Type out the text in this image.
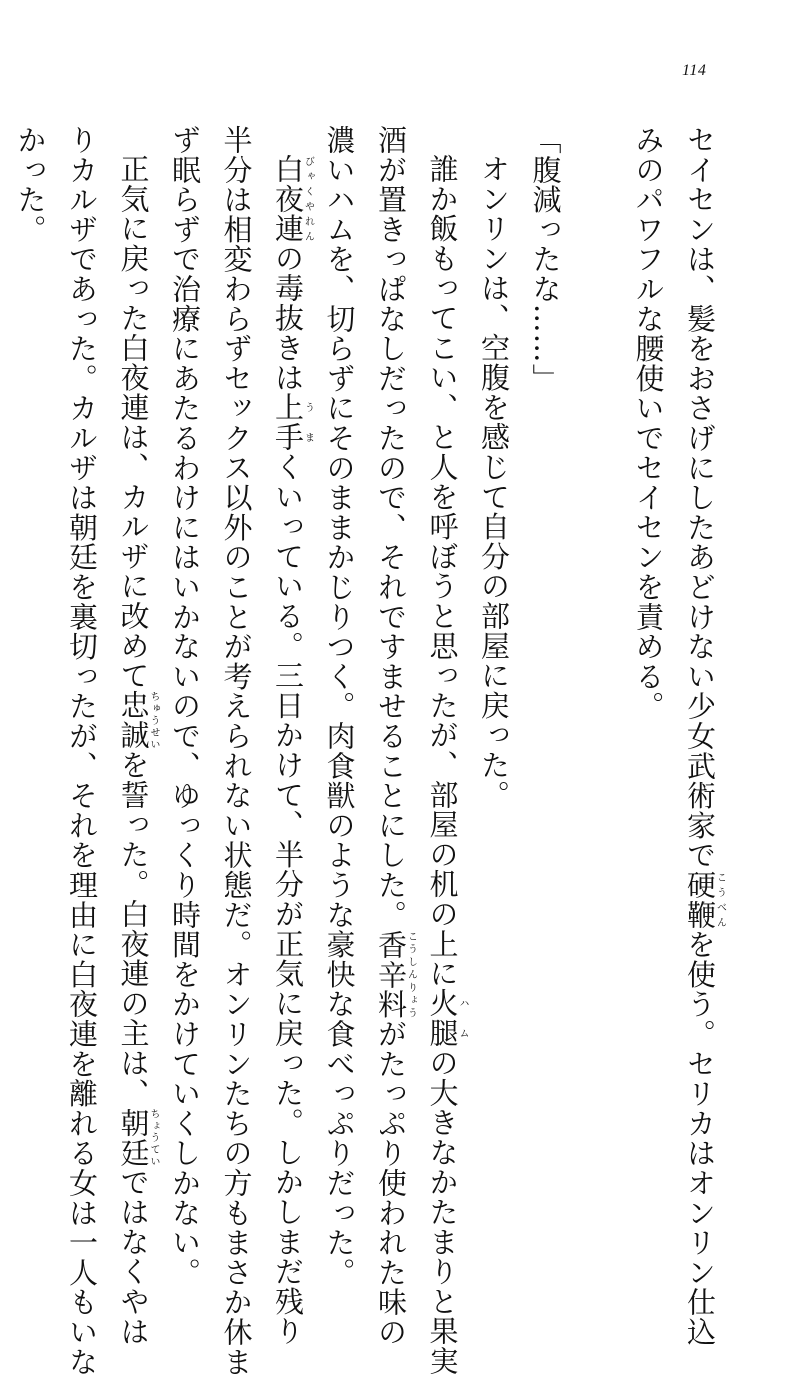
114

セイセンは、髪をおさげにしたあどけない少女武術家で硬鞭こうべんを使う。セリカはオンリン仕込

みのパワフルな腰使いでセイセンを責める。

「腹減ったな……」

オンリンは、空腹を感じて自分の部屋に戻った。

誰か飯もってこい、と人を呼ぼうと思ったが、部屋の机の上に火腿ハムの大きなかたまりと果実

酒が置きっぱなしだったので、それですませることにした。香辛料こうしんりょうがたっぷり使われた味の

濃いハムを、切らずにそのままかじりつく。肉食獣のような豪快な食べっぷりだった。

白夜連びゃくやれんの毒抜きは上手うまくいっている。三日かけて、半分が正気に戻った。しかしまだ残り

半分は相変わらずセックス以外のことが考えられない状態だ。オンリンたちの方もまさか休ま

ず眠らずで治療にあたるわけにはいかないので、ゆっくり時間をかけていくしかない。

正気に戻った白夜連は、カルザに改めて忠誠ちゅうせいを誓った。白夜連の主は、朝廷ちょうていではなくやは

りカルザであった。カルザは朝廷を裏切ったが、それを理由に白夜連を離れる女は一人もいな

かった。
